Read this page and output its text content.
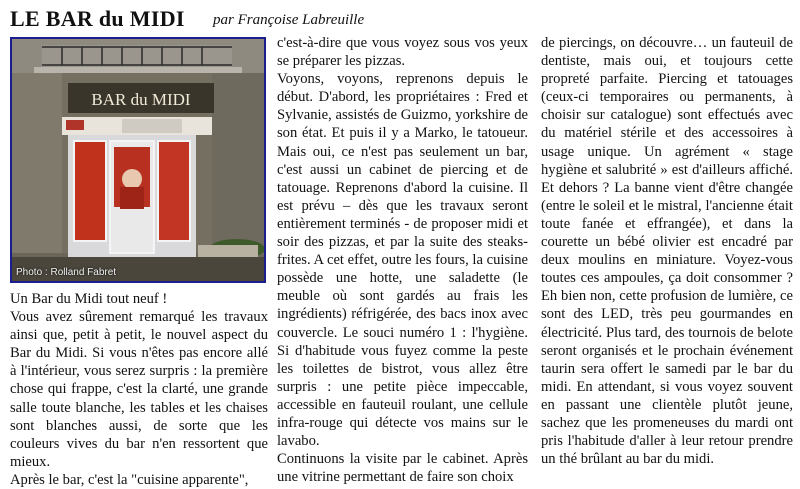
LE BAR du MIDI par Françoise Labreuille
BAR du MIDI
Photo : Rolland Fabret

Un Bar du Midi tout neuf !

Vous avez sûrement remarqué les travaux ainsi que, petit à petit, le nouvel aspect du Bar du Midi. Si vous n'êtes pas encore allé à l'intérieur, vous serez surpris : la première chose qui frappe, c'est la clarté, une grande salle toute blanche, les tables et les chaises sont blanches aussi, de sorte que les couleurs vives du bar n'en ressortent que mieux.

Après le bar, c'est la "cuisine apparente",

c'est-à-dire que vous voyez sous vos yeux se préparer les pizzas.

Voyons, voyons, reprenons depuis le début. D'abord, les propriétaires : Fred et Sylvanie, assistés de Guizmo, yorkshire de son état. Et puis il y a Marko, le tatoueur. Mais oui, ce n'est pas seulement un bar, c'est aussi un cabinet de piercing et de tatouage. Reprenons d'abord la cuisine. Il est prévu – dès que les travaux seront entièrement terminés - de proposer midi et soir des pizzas, et par la suite des steaks-frites. A cet effet, outre les fours, la cuisine possède une hotte, une saladette (le meuble où sont gardés au frais les ingrédients) réfrigérée, des bacs inox avec couvercle. Le souci numéro 1 : l'hygiène. Si d'habitude vous fuyez comme la peste les toilettes de bistrot, vous allez être surpris : une petite pièce impeccable, accessible en fauteuil roulant, une cellule infra-rouge qui détecte vos mains sur le lavabo.

Continuons la visite par le cabinet. Après une vitrine permettant de faire son choix

de piercings, on découvre… un fauteuil de dentiste, mais oui, et toujours cette propreté parfaite. Piercing et tatouages (ceux-ci temporaires ou permanents, à choisir sur catalogue) sont effectués avec du matériel stérile et des accessoires à usage unique. Un agrément « stage hygiène et salubrité » est d'ailleurs affiché. Et dehors ? La banne vient d'être changée (entre le soleil et le mistral, l'ancienne était toute fanée et effrangée), et dans la courette un bébé olivier est encadré par deux moulins en miniature. Voyez-vous toutes ces ampoules, ça doit consommer ? Eh bien non, cette profusion de lumière, ce sont des LED, très peu gourmandes en électricité. Plus tard, des tournois de belote seront organisés et le prochain événement taurin sera offert le samedi par le bar du midi. En attendant, si vous voyez souvent en passant une clientèle plutôt jeune, sachez que les promeneuses du mardi ont pris l'habitude d'aller à leur retour prendre un thé brûlant au bar du midi.
